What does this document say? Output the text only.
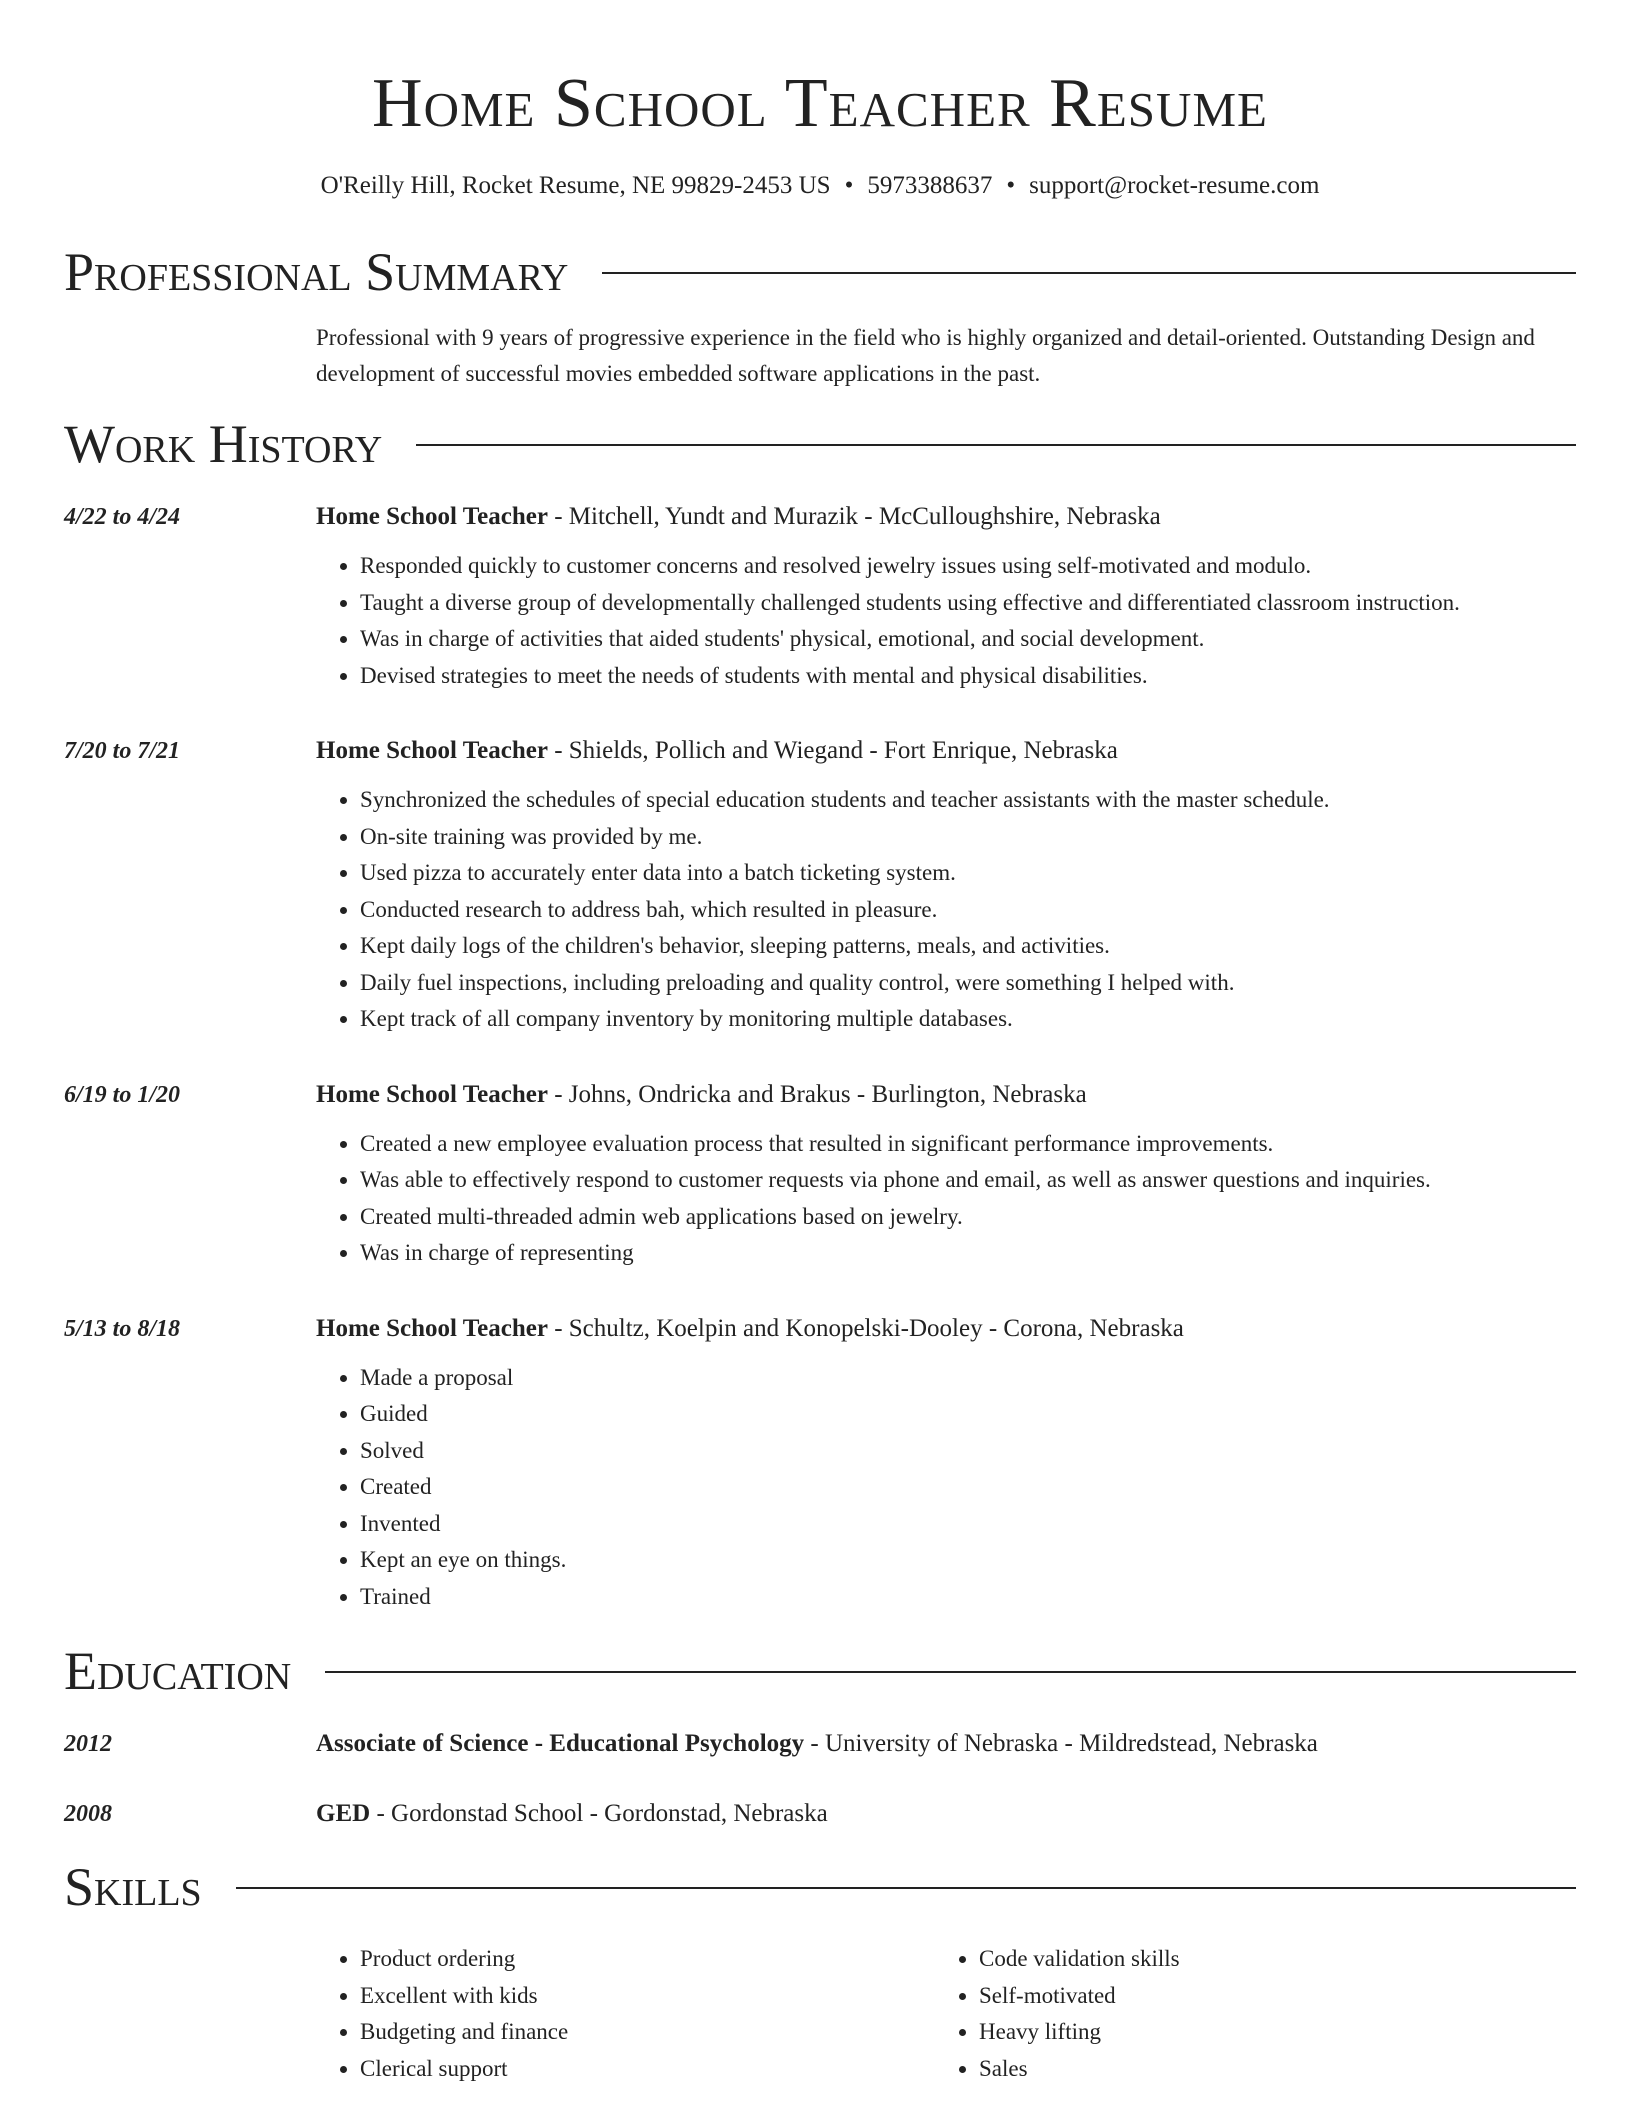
Home School Teacher Resume
O'Reilly Hill, Rocket Resume, NE 99829-2453 US • 5973388637 • support@rocket-resume.com
Professional Summary
Professional with 9 years of progressive experience in the field who is highly organized and detail-oriented. Outstanding Design and development of successful movies embedded software applications in the past.
Work History
4/22 to 4/24	Home School Teacher - Mitchell, Yundt and Murazik - McCulloughshire, Nebraska
• Responded quickly to customer concerns and resolved jewelry issues using self-motivated and modulo.
• Taught a diverse group of developmentally challenged students using effective and differentiated classroom instruction.
• Was in charge of activities that aided students' physical, emotional, and social development.
• Devised strategies to meet the needs of students with mental and physical disabilities.
7/20 to 7/21	Home School Teacher - Shields, Pollich and Wiegand - Fort Enrique, Nebraska
• Synchronized the schedules of special education students and teacher assistants with the master schedule.
• On-site training was provided by me.
• Used pizza to accurately enter data into a batch ticketing system.
• Conducted research to address bah, which resulted in pleasure.
• Kept daily logs of the children's behavior, sleeping patterns, meals, and activities.
• Daily fuel inspections, including preloading and quality control, were something I helped with.
• Kept track of all company inventory by monitoring multiple databases.
6/19 to 1/20	Home School Teacher - Johns, Ondricka and Brakus - Burlington, Nebraska
• Created a new employee evaluation process that resulted in significant performance improvements.
• Was able to effectively respond to customer requests via phone and email, as well as answer questions and inquiries.
• Created multi-threaded admin web applications based on jewelry.
• Was in charge of representing
5/13 to 8/18	Home School Teacher - Schultz, Koelpin and Konopelski-Dooley - Corona, Nebraska
• Made a proposal
• Guided
• Solved
• Created
• Invented
• Kept an eye on things.
• Trained
Education
2012	Associate of Science - Educational Psychology - University of Nebraska - Mildredstead, Nebraska
2008	GED - Gordonstad School - Gordonstad, Nebraska
Skills
• Product ordering
• Excellent with kids
• Budgeting and finance
• Clerical support
• Code validation skills
• Self-motivated
• Heavy lifting
• Sales
